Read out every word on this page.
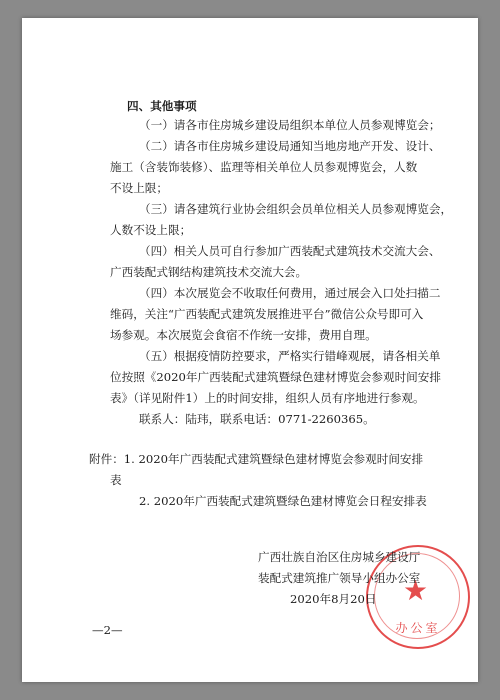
四、其他事项
（一）请各市住房城乡建设局组织本单位人员参观博览会；
（二）请各市住房城乡建设局通知当地房地产开发、设计、
施工（含装饰装修）、监理等相关单位人员参观博览会，人数
不设上限；
（三）请各建筑行业协会组织会员单位相关人员参观博览会，
人数不设上限；
（四）相关人员可自行参加广西装配式建筑技术交流大会、
广西装配式钢结构建筑技术交流大会。
（四）本次展览会不收取任何费用，通过展会入口处扫描二
维码，关注“广西装配式建筑发展推进平台”微信公众号即可入
场参观。本次展览会食宿不作统一安排，费用自理。
（五）根据疫情防控要求，严格实行错峰观展，请各相关单
位按照《2020年广西装配式建筑暨绿色建材博览会参观时间安排
表》（详见附件1）上的时间安排，组织人员有序地进行参观。
联系人：陆玮，联系电话：0771-2260365。
附件：1. 2020年广西装配式建筑暨绿色建材博览会参观时间安排
表
2. 2020年广西装配式建筑暨绿色建材博览会日程安排表
★
办公室
广西壮族自治区住房城乡建设厅
装配式建筑推广领导小组办公室
2020年8月20日
—2—
